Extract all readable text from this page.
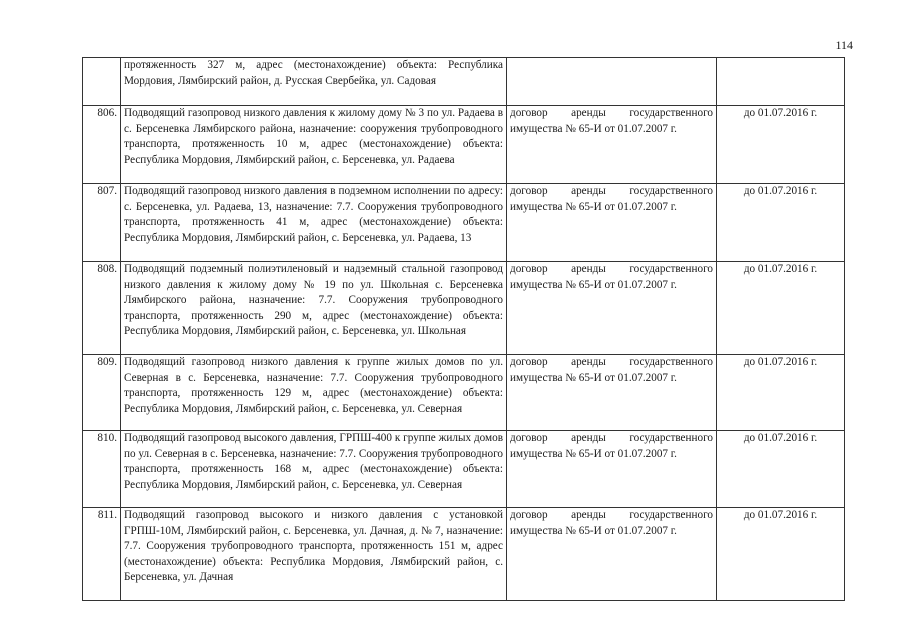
114
	протяженность 327 м, адрес (местонахождение) объекта: Республика Мордовия, Лямбирский район, д. Русская Свербейка, ул. Садовая		
806.	Подводящий газопровод низкого давления к жилому дому № 3 по ул. Радаева в с. Берсеневка Лямбирского района, назначение: сооружения трубопроводного транспорта, протяженность 10 м, адрес (местонахождение) объекта: Республика Мордовия, Лямбирский район, с. Берсеневка, ул. Радаева	договор аренды государственного имущества № 65-И от 01.07.2007 г.	до 01.07.2016 г.
807.	Подводящий газопровод низкого давления в подземном исполнении по адресу: с. Берсеневка, ул. Радаева, 13, назначение: 7.7. Сооружения трубопроводного транспорта, протяженность 41 м, адрес (местонахождение) объекта: Республика Мордовия, Лямбирский район, с. Берсеневка, ул. Радаева, 13	договор аренды государственного имущества № 65-И от 01.07.2007 г.	до 01.07.2016 г.
808.	Подводящий подземный полиэтиленовый и надземный стальной газопровод низкого давления к жилому дому № 19 по ул. Школьная с. Берсеневка Лямбирского района, назначение: 7.7. Сооружения трубопроводного транспорта, протяженность 290 м, адрес (местонахождение) объекта: Республика Мордовия, Лямбирский район, с. Берсеневка, ул. Школьная	договор аренды государственного имущества № 65-И от 01.07.2007 г.	до 01.07.2016 г.
809.	Подводящий газопровод низкого давления к группе жилых домов по ул. Северная в с. Берсеневка, назначение: 7.7. Сооружения трубопроводного транспорта, протяженность 129 м, адрес (местонахождение) объекта: Республика Мордовия, Лямбирский район, с. Берсеневка, ул. Северная	договор аренды государственного имущества № 65-И от 01.07.2007 г.	до 01.07.2016 г.
810.	Подводящий газопровод высокого давления, ГРПШ-400 к группе жилых домов по ул. Северная в с. Берсеневка, назначение: 7.7. Сооружения трубопроводного транспорта, протяженность 168 м, адрес (местонахождение) объекта: Республика Мордовия, Лямбирский район, с. Берсеневка, ул. Северная	договор аренды государственного имущества № 65-И от 01.07.2007 г.	до 01.07.2016 г.
811.	Подводящий газопровод высокого и низкого давления с установкой ГРПШ-10М, Лямбирский район, с. Берсеневка, ул. Дачная, д. № 7, назначение: 7.7. Сооружения трубопроводного транспорта, протяженность 151 м, адрес (местонахождение) объекта: Республика Мордовия, Лямбирский район, с. Берсеневка, ул. Дачная	договор аренды государственного имущества № 65-И от 01.07.2007 г.	до 01.07.2016 г.
